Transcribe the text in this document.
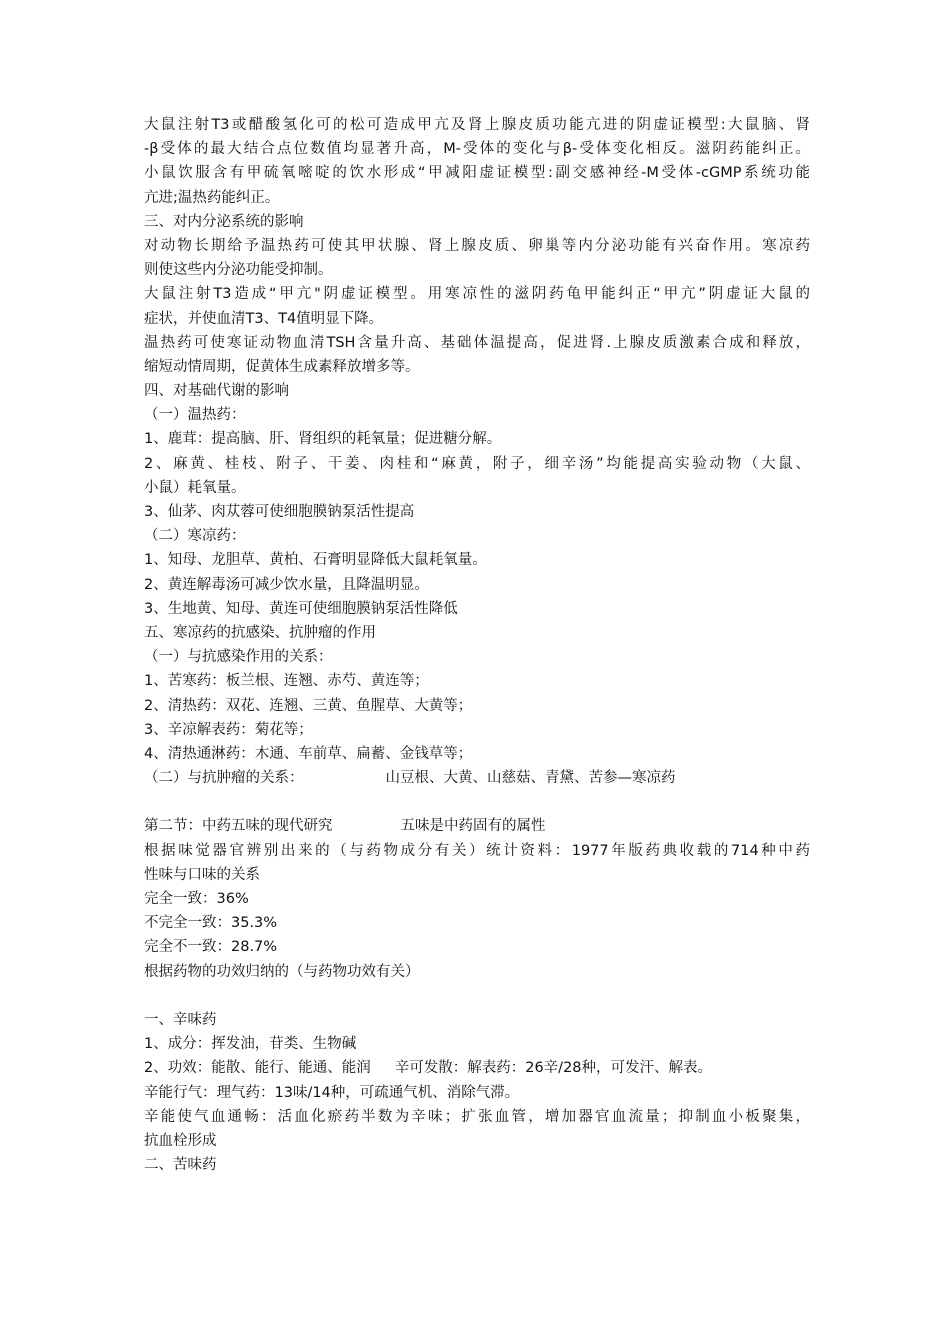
大鼠注射T3或醋酸氢化可的松可造成甲亢及肾上腺皮质功能亢进的阴虚证模型:大鼠脑、肾
-β受体的最大结合点位数值均显著升高，M-受体的变化与β-受体变化相反。滋阴药能纠正。
小鼠饮服含有甲硫氧嘧啶的饮水形成“甲减阳虚证模型:副交感神经-M受体-cGMP系统功能
亢进;温热药能纠正。
三、对内分泌系统的影响
对动物长期给予温热药可使其甲状腺、肾上腺皮质、卵巢等内分泌功能有兴奋作用。寒凉药
则使这些内分泌功能受抑制。
大鼠注射T3造成“甲亢"阴虚证模型。用寒凉性的滋阴药龟甲能纠正“甲亢”阴虚证大鼠的
症状，并使血清T3、T4值明显下降。
温热药可使寒证动物血清TSH含量升高、基础体温提高，促进肾.上腺皮质激素合成和释放，
缩短动情周期，促黄体生成素释放增多等。
四、对基础代谢的影响
（一）温热药：
1、鹿茸：提高脑、肝、肾组织的耗氧量；促进糖分解。
2、麻黄、桂枝、附子、干姜、肉桂和“麻黄，附子，细辛汤”均能提高实验动物（大鼠、
小鼠）耗氧量。
3、仙茅、肉苁蓉可使细胞膜钠泵活性提高
（二）寒凉药：
1、知母、龙胆草、黄柏、石膏明显降低大鼠耗氧量。
2、黄连解毒汤可减少饮水量，且降温明显。
3、生地黄、知母、黄连可使细胞膜钠泵活性降低
五、寒凉药的抗感染、抗肿瘤的作用
（一）与抗感染作用的关系：
1、苦寒药：板兰根、连翘、赤芍、黄连等；
2、清热药：双花、连翘、三黄、鱼腥草、大黄等；
3、辛凉解表药：菊花等；
4、清热通淋药：木通、车前草、扁蓄、金钱草等；
（二）与抗肿瘤的关系：	山豆根、大黄、山慈菇、青黛、苦参—寒凉药
第二节：中药五味的现代研究	五味是中药固有的属性
根据味觉器官辨别出来的（与药物成分有关）统计资料：1977年版药典收载的714种中药
性味与口味的关系
完全一致：36%
不完全一致：35.3%
完全不一致：28.7%
根据药物的功效归纳的（与药物功效有关）
一、辛味药
1、成分：挥发油，苷类、生物碱
2、功效：能散、能行、能通、能润 辛可发散：解表药：26辛/28种，可发汗、解表。
辛能行气：理气药：13味/14种，可疏通气机、消除气滞。
辛能使气血通畅：活血化瘀药半数为辛味；扩张血管，增加器官血流量；抑制血小板聚集，
抗血栓形成
二、苦味药
